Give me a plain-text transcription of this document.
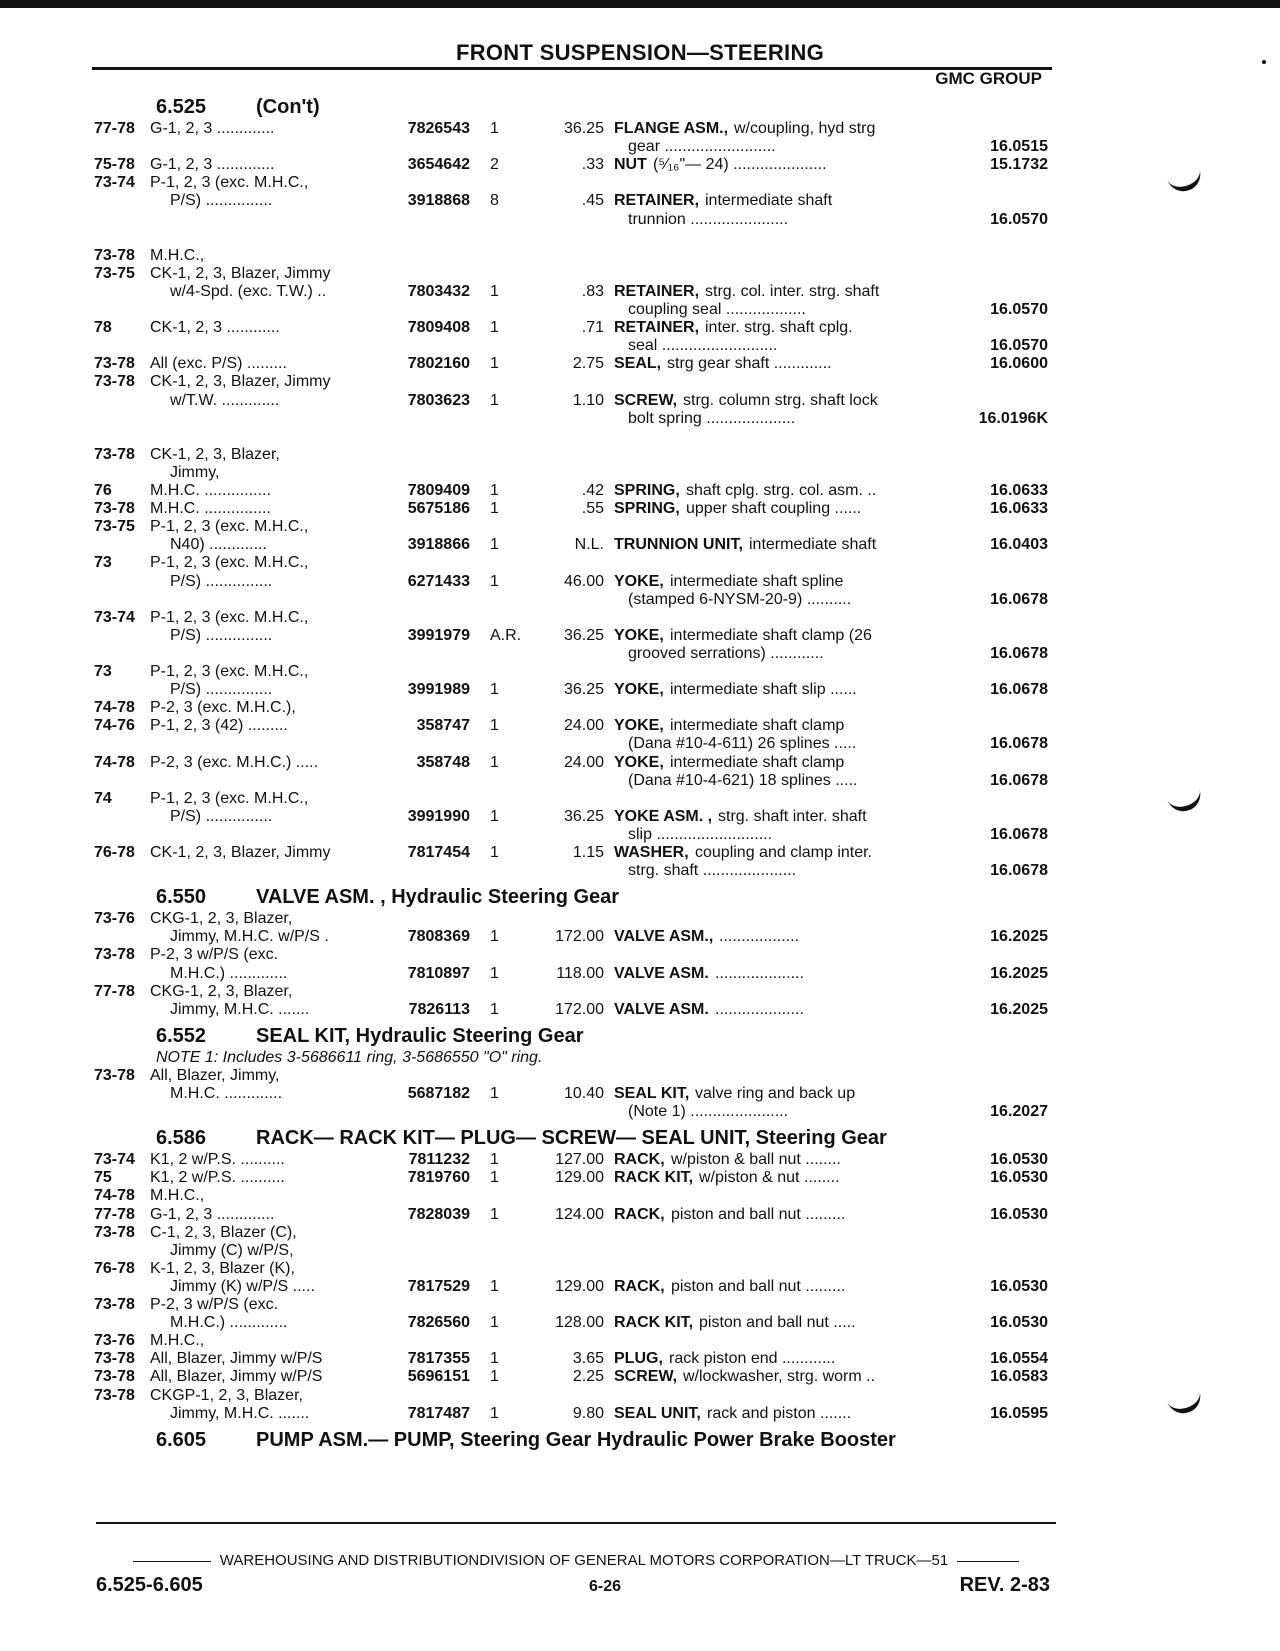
FRONT SUSPENSION—STEERING
GMC GROUP
6.525 (Con't)
77-78 G-1, 2, 3 .............	7826543 1	36.25 FLANGE ASM., w/coupling, hyd strg
gear .........................	16.0515
75-78 G-1, 2, 3 .............	3654642 2	.33 NUT (⁵⁄₁₆"— 24) .....................	15.1732
73-74 P-1, 2, 3 (exc. M.H.C.,
P/S) ...............	3918868 8	.45 RETAINER, intermediate shaft
trunnion ......................	16.0570
73-78 M.H.C.,
73-75 CK-1, 2, 3, Blazer, Jimmy
w/4-Spd. (exc. T.W.) ..	7803432 1	.83 RETAINER, strg. col. inter. strg. shaft
coupling seal ..................	16.0570
78 CK-1, 2, 3 ............	7809408 1	.71 RETAINER, inter. strg. shaft cplg.
seal ..........................	16.0570
73-78 All (exc. P/S) .........	7802160 1	2.75 SEAL, strg gear shaft .............	16.0600
73-78 CK-1, 2, 3, Blazer, Jimmy
w/T.W. .............	7803623 1	1.10 SCREW, strg. column strg. shaft lock
bolt spring ....................	16.0196K
73-78 CK-1, 2, 3, Blazer,
Jimmy,
76 M.H.C. ...............	7809409 1	.42 SPRING, shaft cplg. strg. col. asm. ..	16.0633
73-78 M.H.C. ...............	5675186 1	.55 SPRING, upper shaft coupling ......	16.0633
73-75 P-1, 2, 3 (exc. M.H.C.,
N40) .............	3918866 1	N.L. TRUNNION UNIT, intermediate shaft	16.0403
73 P-1, 2, 3 (exc. M.H.C.,
P/S) ...............	6271433 1	46.00 YOKE, intermediate shaft spline
(stamped 6-NYSM-20-9) ..........	16.0678
73-74 P-1, 2, 3 (exc. M.H.C.,
P/S) ...............	3991979 A.R.	36.25 YOKE, intermediate shaft clamp (26
grooved serrations) ............	16.0678
73 P-1, 2, 3 (exc. M.H.C.,
P/S) ...............	3991989 1	36.25 YOKE, intermediate shaft slip ......	16.0678
74-78 P-2, 3 (exc. M.H.C.),
74-76 P-1, 2, 3 (42) .........	358747 1	24.00 YOKE, intermediate shaft clamp
(Dana #10-4-611) 26 splines .....	16.0678
74-78 P-2, 3 (exc. M.H.C.) .....	358748 1	24.00 YOKE, intermediate shaft clamp
(Dana #10-4-621) 18 splines .....	16.0678
74 P-1, 2, 3 (exc. M.H.C.,
P/S) ...............	3991990 1	36.25 YOKE ASM. , strg. shaft inter. shaft
slip ..........................	16.0678
76-78 CK-1, 2, 3, Blazer, Jimmy	7817454 1	1.15 WASHER, coupling and clamp inter.
strg. shaft .....................	16.0678
6.550 VALVE ASM. , Hydraulic Steering Gear
73-76 CKG-1, 2, 3, Blazer,
Jimmy, M.H.C. w/P/S .	7808369 1	172.00 VALVE ASM., ..................	16.2025
73-78 P-2, 3 w/P/S (exc.
M.H.C.) .............	7810897 1	118.00 VALVE ASM. ....................	16.2025
77-78 CKG-1, 2, 3, Blazer,
Jimmy, M.H.C. .......	7826113 1	172.00 VALVE ASM. ....................	16.2025
6.552 SEAL KIT, Hydraulic Steering Gear
NOTE 1: Includes 3-5686611 ring, 3-5686550 "O" ring.
73-78 All, Blazer, Jimmy,
M.H.C. .............	5687182 1	10.40 SEAL KIT, valve ring and back up
(Note 1) ......................	16.2027
6.586 RACK— RACK KIT— PLUG— SCREW— SEAL UNIT, Steering Gear
73-74 K1, 2 w/P.S. ..........	7811232 1	127.00 RACK, w/piston & ball nut ........	16.0530
75 K1, 2 w/P.S. ..........	7819760 1	129.00 RACK KIT, w/piston & nut ........	16.0530
74-78 M.H.C.,
77-78 G-1, 2, 3 .............	7828039 1	124.00 RACK, piston and ball nut .........	16.0530
73-78 C-1, 2, 3, Blazer (C),
Jimmy (C) w/P/S,
76-78 K-1, 2, 3, Blazer (K),
Jimmy (K) w/P/S .....	7817529 1	129.00 RACK, piston and ball nut .........	16.0530
73-78 P-2, 3 w/P/S (exc.
M.H.C.) .............	7826560 1	128.00 RACK KIT, piston and ball nut .....	16.0530
73-76 M.H.C.,
73-78 All, Blazer, Jimmy w/P/S	7817355 1	3.65 PLUG, rack piston end ............	16.0554
73-78 All, Blazer, Jimmy w/P/S	5696151 1	2.25 SCREW, w/lockwasher, strg. worm ..	16.0583
73-78 CKGP-1, 2, 3, Blazer,
Jimmy, M.H.C. .......	7817487 1	9.80 SEAL UNIT, rack and piston .......	16.0595
6.605 PUMP ASM.— PUMP, Steering Gear Hydraulic Power Brake Booster
WAREHOUSING AND DISTRIBUTIONDIVISION OF GENERAL MOTORS CORPORATION—LT TRUCK—51
6.525-6.605	6-26	REV. 2-83
